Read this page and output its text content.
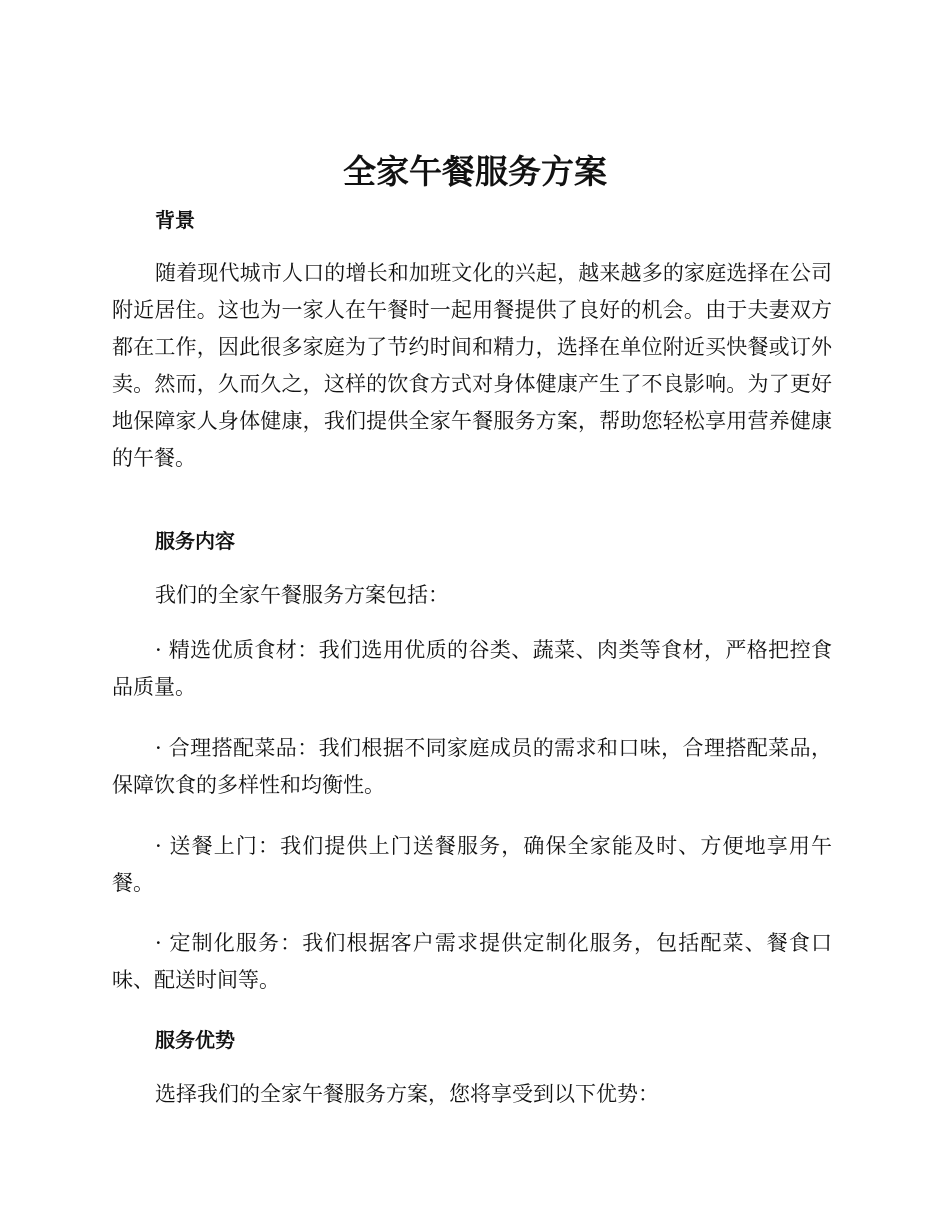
全家午餐服务方案
背景

随着现代城市人口的增长和加班文化的兴起，越来越多的家庭选择在公司附近居住。这也为一家人在午餐时一起用餐提供了良好的机会。由于夫妻双方都在工作，因此很多家庭为了节约时间和精力，选择在单位附近买快餐或订外卖。然而，久而久之，这样的饮食方式对身体健康产生了不良影响。为了更好地保障家人身体健康，我们提供全家午餐服务方案，帮助您轻松享用营养健康的午餐。

服务内容

我们的全家午餐服务方案包括：

· 精选优质食材：我们选用优质的谷类、蔬菜、肉类等食材，严格把控食品质量。

· 合理搭配菜品：我们根据不同家庭成员的需求和口味，合理搭配菜品，保障饮食的多样性和均衡性。

· 送餐上门：我们提供上门送餐服务，确保全家能及时、方便地享用午餐。

· 定制化服务：我们根据客户需求提供定制化服务，包括配菜、餐食口味、配送时间等。

服务优势

选择我们的全家午餐服务方案，您将享受到以下优势：
